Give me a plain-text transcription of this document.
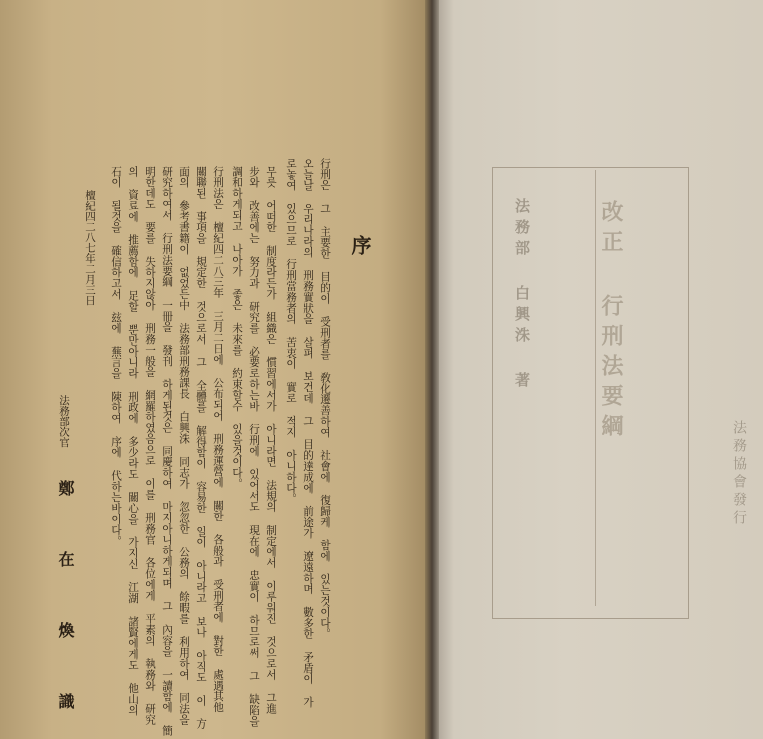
序
行刑은 그 主要한 目的이 受刑者를 敎化遷善하여 社會에 復歸케 함에 있는것이다。
오늘날 우리나라의 刑務實狀을 살펴 보건데 그 目的達成에 前途가 遼遠하며 數多한 矛盾이 가
로놓여 있으므로 行刑當務者의 苦衷이 實로 적지 아니하다。
무릇 어떠한 制度라든가 組織은 慣習에서가 아니라면 法規의 制定에서 이루워진 것으로서 그進
步와 改善에는 努力과 研究를 必要로하는바 行刑에 있어서도 現在에 忠實이 하므로써 그 缺陷을
調和하게되고 나아가 좋은 未來를 約束할수 있을것이다。
行刑法은 檀紀四二八三年 三月二日에 公布되어 刑務運營에 關한 各般과 受刑者에 對한 處遇其他
關聯된 事項을 規定한 것으로서 그 全體를 解得함이 容易한 일이 아니라고 보나 아직도 이 方
面의 參考書籍이 없었든中 法務部刑務課長 白興洙 同志가 忽忽한 公務의 餘暇를 利用하여 同法을
研究하여서 行刑法要綱 一冊을 發刊 하게된것은 同慶하여 마지아니하게되며 그 內容을 一讀함에 簡
明한데도 要를 失하지않아 刑務一般을 網羅하였음으로 이를 刑務官 各位에게 平素의 執務와 研究
의 資료에 推薦함에 足할 뿐만아니라 刑政에 多少라도 關心을 가지신 江湖 諸賢에게도 他山의
石이 될것을 確信하고서 玆에 蕪言을 陳하여 序에 代하는바이다。
檀紀四二八七年二月三日
法務部次官
鄭 在 煥 識
改正 行刑法要綱
法務部 白興洙 著
法務協會發行
